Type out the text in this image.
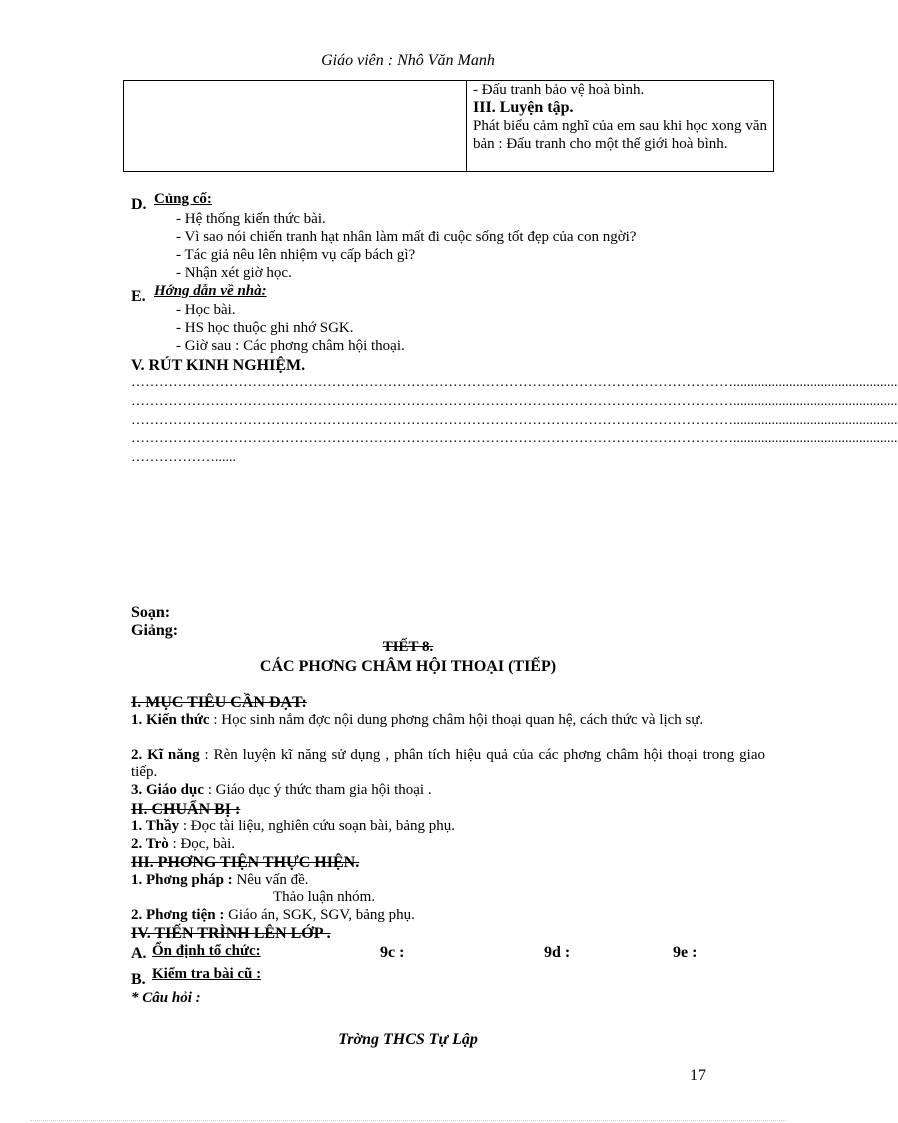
Giáo viên : Nhô Văn Manh

- Đấu tranh bảo vệ hoà bình.
III. Luyện tập.
Phát biểu cảm nghĩ của em sau khi học xong văn bản : Đấu tranh cho một thế giới hoà bình.
D. Củng cố:
- Hệ thống kiến thức bài.
- Vì sao nói chiến tranh hạt nhân làm mất đi cuộc sống tốt đẹp của con ngời?
- Tác giả nêu lên nhiệm vụ cấp bách gì?
- Nhận xét giờ học.
E. Hớng dẫn về nhà:
- Học bài.
- HS học thuộc ghi nhớ SGK.
- Giờ sau : Các phơng châm hội thoại.
V. RÚT KINH NGHIỆM.
…………………………………………………………………………………………………………………...............................................
…………………………………………………………………………………………………………………...............................................
…………………………………………………………………………………………………………………...............................................
…………………………………………………………………………………………………………………...............................................
………………......
Soạn:
Giảng:
TIẾT 8.
CÁC PHƠNG CHÂM HỘI THOẠI (TIẾP)
I. MỤC TIÊU CẦN ĐẠT:
1. Kiến thức : Học sinh nắm đợc nội dung phơng châm hội thoại quan hệ, cách thức và lịch sự.
2. Kĩ năng : Rèn luyện kĩ năng sử dụng , phân tích hiệu quả của các phơng châm hội thoại trong giao tiếp.
3. Giáo dục : Giáo dục ý thức tham gia hội thoại .
II. CHUẨN BỊ :
1. Thầy : Đọc tài liệu, nghiên cứu soạn bài, bảng phụ.
2. Trò : Đọc, bài.
III. PHƠNG TIỆN THỰC HIỆN.
1. Phơng pháp : Nêu vấn đề.
Thảo luận nhóm.
2. Phơng tiện : Giáo án, SGK, SGV, bảng phụ.
IV. TIẾN TRÌNH LÊN LỚP .
A. Ổn định tổ chức:	9c :	9d :	9e :
B. Kiểm tra bài cũ :
* Câu hỏi :
Trờng THCS Tự Lập
17
